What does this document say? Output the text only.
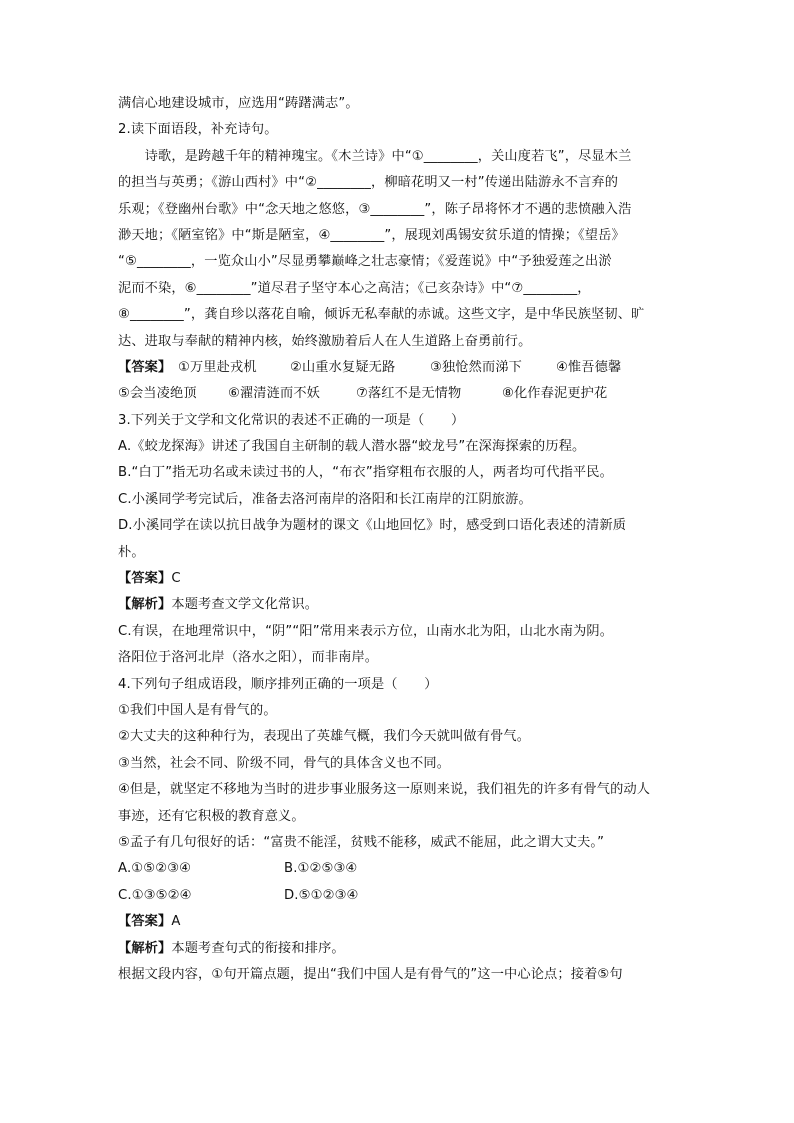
满信心地建设城市，应选用“踌躇满志”。
2.读下面语段，补充诗句。
　　诗歌，是跨越千年的精神瑰宝。《木兰诗》中“①________，关山度若飞”，尽显木兰
的担当与英勇；《游山西村》中“②________，柳暗花明又一村”传递出陆游永不言弃的
乐观；《登幽州台歌》中“念天地之悠悠，③________”，陈子昂将怀才不遇的悲愤融入浩
渺天地；《陋室铭》中“斯是陋室，④________”，展现刘禹锡安贫乐道的情操；《望岳》
“⑤________，一览众山小”尽显勇攀巅峰之壮志豪情；《爱莲说》中“予独爱莲之出淤
泥而不染，⑥________”道尽君子坚守本心之高洁；《己亥杂诗》中“⑦________，
⑧________”，龚自珍以落花自喻，倾诉无私奉献的赤诚。这些文字，是中华民族坚韧、旷
达、进取与奉献的精神内核，始终激励着后人在人生道路上奋勇前行。
【答案】 ①万里赴戎机	②山重水复疑无路	③独怆然而涕下	④惟吾德馨
⑤会当凌绝顶	⑥濯清涟而不妖	⑦落红不是无情物	⑧化作春泥更护花
3.下列关于文学和文化常识的表述不正确的一项是（　　）
A.《蛟龙探海》讲述了我国自主研制的载人潜水器“蛟龙号”在深海探索的历程。
B.“白丁”指无功名或未读过书的人，“布衣”指穿粗布衣服的人，两者均可代指平民。
C.小溪同学考完试后，准备去洛河南岸的洛阳和长江南岸的江阴旅游。
D.小溪同学在读以抗日战争为题材的课文《山地回忆》时，感受到口语化表述的清新质
朴。
【答案】C
【解析】本题考查文学文化常识。
C.有误，在地理常识中，“阴”“阳”常用来表示方位，山南水北为阳，山北水南为阴。
洛阳位于洛河北岸（洛水之阳），而非南岸。
4.下列句子组成语段，顺序排列正确的一项是（　　）
①我们中国人是有骨气的。
②大丈夫的这种种行为，表现出了英雄气概，我们今天就叫做有骨气。
③当然，社会不同、阶级不同，骨气的具体含义也不同。
④但是，就坚定不移地为当时的进步事业服务这一原则来说，我们祖先的许多有骨气的动人
事迹，还有它积极的教育意义。
⑤孟子有几句很好的话：“富贵不能淫，贫贱不能移，威武不能屈，此之谓大丈夫。”
A.①⑤②③④	B.①②⑤③④
C.①③⑤②④	D.⑤①②③④
【答案】A
【解析】本题考查句式的衔接和排序。
根据文段内容，①句开篇点题，提出“我们中国人是有骨气的”这一中心论点；接着⑤句
